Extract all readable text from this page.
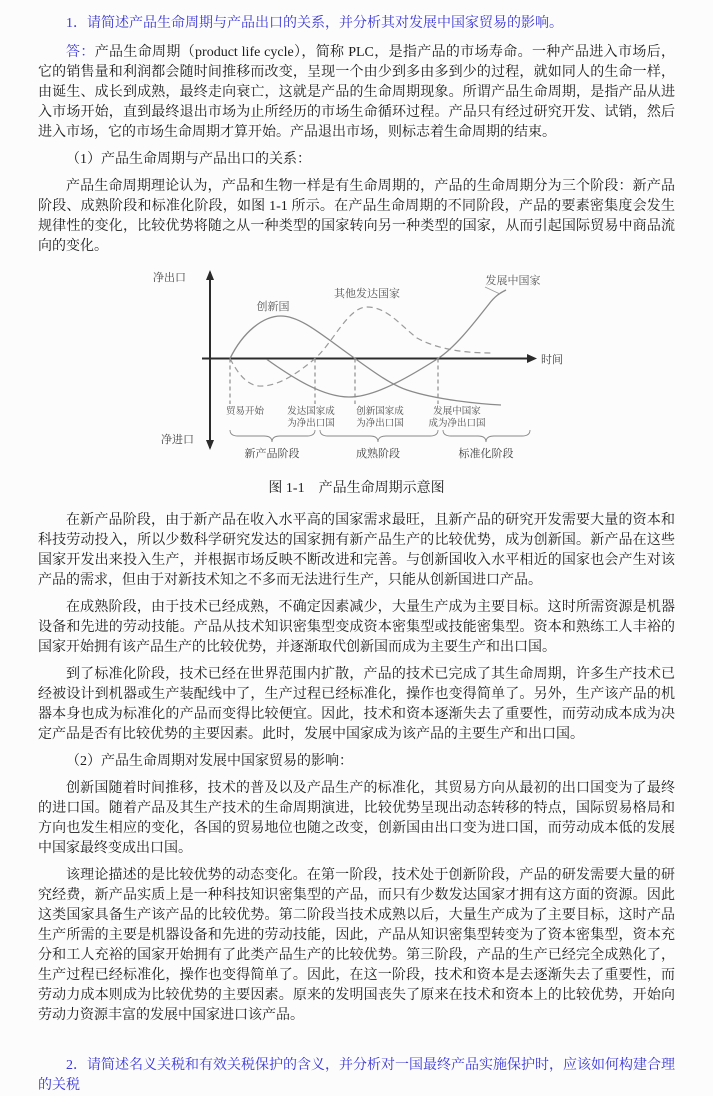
1．请简述产品生命周期与产品出口的关系，并分析其对发展中国家贸易的影响。

答：产品生命周期（product life cycle），简称 PLC，是指产品的市场寿命。一种产品进入市场后，它的销售量和利润都会随时间推移而改变，呈现一个由少到多由多到少的过程，就如同人的生命一样，由诞生、成长到成熟，最终走向衰亡，这就是产品的生命周期现象。所谓产品生命周期，是指产品从进入市场开始，直到最终退出市场为止所经历的市场生命循环过程。产品只有经过研究开发、试销，然后进入市场，它的市场生命周期才算开始。产品退出市场，则标志着生命周期的结束。

（1）产品生命周期与产品出口的关系：

产品生命周期理论认为，产品和生物一样是有生命周期的，产品的生命周期分为三个阶段：新产品阶段、成熟阶段和标准化阶段，如图 1-1 所示。在产品生命周期的不同阶段，产品的要素密集度会发生规律性的变化，比较优势将随之从一种类型的国家转向另一种类型的国家，从而引起国际贸易中商品流向的变化。

创新国
其他发达国家
发展中国家
净出口
净进口
时间
贸易开始 发达国家成
为净出口国
创新国家成
为净出口国
发展中国家
成为净出口国
新产品阶段	成熟阶段	标准化阶段
图 1-1　产品生命周期示意图

在新产品阶段，由于新产品在收入水平高的国家需求最旺，且新产品的研究开发需要大量的资本和科技劳动投入，所以少数科学研究发达的国家拥有新产品生产的比较优势，成为创新国。新产品在这些国家开发出来投入生产，并根据市场反映不断改进和完善。与创新国收入水平相近的国家也会产生对该产品的需求，但由于对新技术知之不多而无法进行生产，只能从创新国进口产品。

在成熟阶段，由于技术已经成熟，不确定因素减少，大量生产成为主要目标。这时所需资源是机器设备和先进的劳动技能。产品从技术知识密集型变成资本密集型或技能密集型。资本和熟练工人丰裕的国家开始拥有该产品生产的比较优势，并逐渐取代创新国而成为主要生产和出口国。

到了标准化阶段，技术已经在世界范围内扩散，产品的技术已完成了其生命周期，许多生产技术已经被设计到机器或生产装配线中了，生产过程已经标准化，操作也变得简单了。另外，生产该产品的机器本身也成为标准化的产品而变得比较便宜。因此，技术和资本逐渐失去了重要性，而劳动成本成为决定产品是否有比较优势的主要因素。此时，发展中国家成为该产品的主要生产和出口国。

（2）产品生命周期对发展中国家贸易的影响：

创新国随着时间推移，技术的普及以及产品生产的标准化，其贸易方向从最初的出口国变为了最终的进口国。随着产品及其生产技术的生命周期演进，比较优势呈现出动态转移的特点，国际贸易格局和方向也发生相应的变化，各国的贸易地位也随之改变，创新国由出口变为进口国，而劳动成本低的发展中国家最终变成出口国。

该理论描述的是比较优势的动态变化。在第一阶段，技术处于创新阶段，产品的研发需要大量的研究经费，新产品实质上是一种科技知识密集型的产品，而只有少数发达国家才拥有这方面的资源。因此这类国家具备生产该产品的比较优势。第二阶段当技术成熟以后，大量生产成为了主要目标，这时产品生产所需的主要是机器设备和先进的劳动技能，因此，产品从知识密集型转变为了资本密集型，资本充分和工人充裕的国家开始拥有了此类产品生产的比较优势。第三阶段，产品的生产已经完全成熟化了，生产过程已经标准化，操作也变得简单了。因此，在这一阶段，技术和资本是去逐渐失去了重要性，而劳动力成本则成为比较优势的主要因素。原来的发明国丧失了原来在技术和资本上的比较优势，开始向劳动力资源丰富的发展中国家进口该产品。

2．请简述名义关税和有效关税保护的含义，并分析对一国最终产品实施保护时，应该如何构建合理的关税
